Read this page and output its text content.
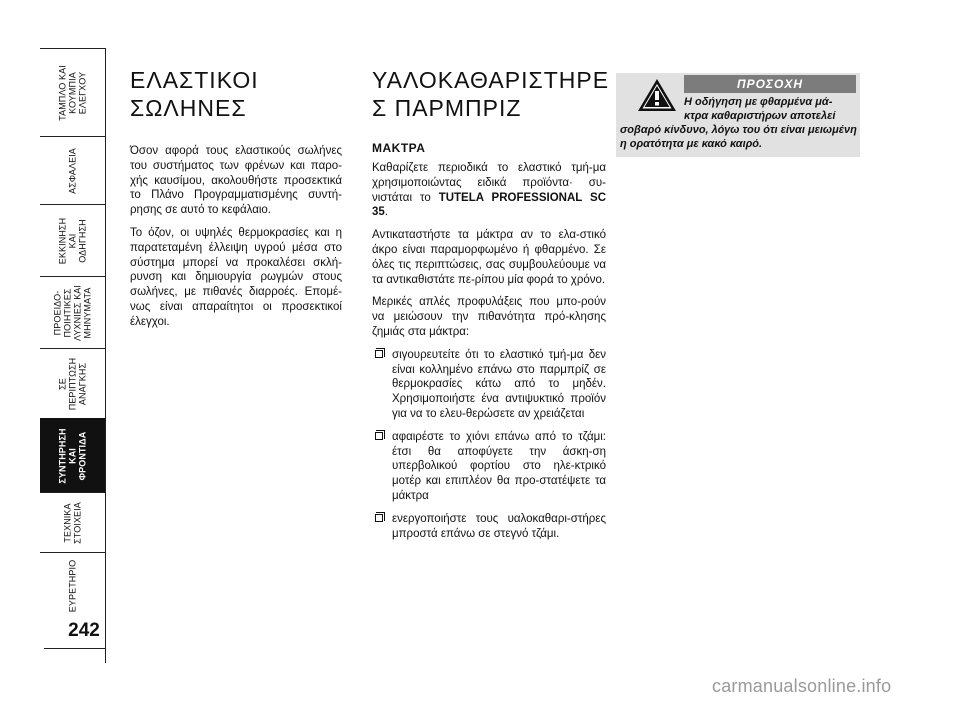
ΤΑΜΠΛΟ ΚΑΙ
ΚΟΥΜΠΙΑ
ΕΛΕΓΧΟΥ
ΑΣΦΑΛΕΙΑ
ΕΚΚΙΝΗΣΗ
ΚΑΙ
ΟΔΗΓΗΣΗ
ΠΡΟΕΙΔΟ-
ΠΟΙΗΤΙΚΕΣ
ΛΥΧΝΙΕΣ ΚΑΙ
ΜΗΝΥΜΑΤΑ
ΣΕ
ΠΕΡΙΠΤΩΣΗ
ΑΝΑΓΚΗΣ
ΣΥΝΤΗΡΗΣΗ
ΚΑΙ
ΦΡΟΝΤΙΔΑ
ΤΕΧΝΙΚΑ
ΣΤΟΙΧΕΙΑ
ΕΥΡΕΤΗΡΙΟ
242
ΕΛΑΣΤΙΚΟΙ
ΣΩΛΗΝΕΣ

Όσον αφορά τους ελαστικούς σωλήνες του συστήματος των φρένων και παρο-χής καυσίμου, ακολουθήστε προσεκτικά το Πλάνο Προγραμματισμένης συντή-ρησης σε αυτό το κεφάλαιο.

Το όζον, οι υψηλές θερμοκρασίες και η παρατεταμένη έλλειψη υγρού μέσα στο σύστημα μπορεί να προκαλέσει σκλή-ρυνση και δημιουργία ρωγμών στους σωλήνες, με πιθανές διαρροές. Επομέ-νως είναι απαραίτητοι οι προσεκτικοί έλεγχοι.

ΥΑΛΟΚΑΘΑΡΙΣΤΗΡΕ
Σ ΠΑΡΜΠΡΙΖ
ΜΑΚΤΡΑ

Καθαρίζετε περιοδικά το ελαστικό τμή-μα χρησιμοποιώντας ειδικά προϊόντα· συ-νιστάται το TUTELA PROFESSIONAL SC 35.

Αντικαταστήστε τα μάκτρα αν το ελα-στικό άκρο είναι παραμορφωμένο ή φθαρμένο. Σε όλες τις περιπτώσεις, σας συμβουλεύουμε να τα αντικαθιστάτε πε-ρίπου μία φορά το χρόνο.

Μερικές απλές προφυλάξεις που μπο-ρούν να μειώσουν την πιθανότητα πρό-κλησης ζημιάς στα μάκτρα:

σιγουρευτείτε ότι το ελαστικό τμή-μα δεν είναι κολλημένο επάνω στο παρμπρίζ σε θερμοκρασίες κάτω από το μηδέν. Χρησιμοποιήστε ένα αντιψυκτικό προϊόν για να το ελευ-θερώσετε αν χρειάζεται

αφαιρέστε το χιόνι επάνω από το τζάμι: έτσι θα αποφύγετε την άσκη-ση υπερβολικού φορτίου στο ηλε-κτρικό μοτέρ και επιπλέον θα προ-στατέψετε τα μάκτρα

ενεργοποιήστε τους υαλοκαθαρι-στήρες μπροστά επάνω σε στεγνό τζάμι.

ΠΡΟΣΟΧΗ
Η οδήγηση με φθαρμένα μά-
κτρα καθαριστήρων αποτελεί
σοβαρό κίνδυνο, λόγω του ότι είναι μειωμένη η ορατότητα με κακό καιρό.
carmanualsonline.info
